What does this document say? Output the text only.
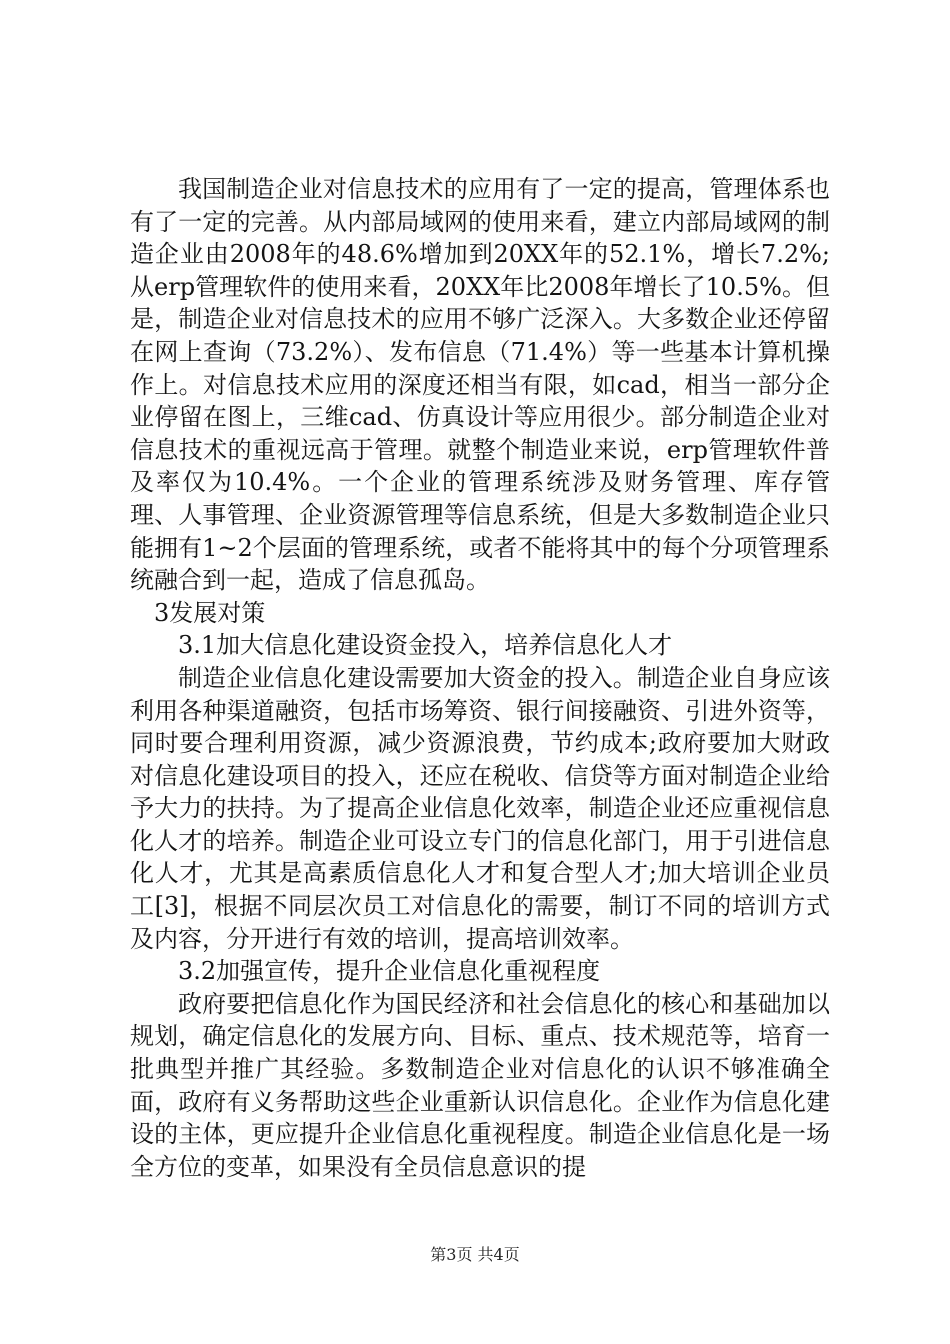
我国制造企业对信息技术的应用有了一定的提高，管理体系也有了一定的完善。从内部局域网的使用来看，建立内部局域网的制造企业由2008年的48.6%增加到20XX年的52.1%，增长7.2%;从erp管理软件的使用来看，20XX年比2008年增长了10.5%。但是，制造企业对信息技术的应用不够广泛深入。大多数企业还停留在网上查询（73.2%）、发布信息（71.4%）等一些基本计算机操作上。对信息技术应用的深度还相当有限，如cad，相当一部分企业停留在图上，三维cad、仿真设计等应用很少。部分制造企业对信息技术的重视远高于管理。就整个制造业来说，erp管理软件普及率仅为10.4%。一个企业的管理系统涉及财务管理、库存管理、人事管理、企业资源管理等信息系统，但是大多数制造企业只能拥有1~2个层面的管理系统，或者不能将其中的每个分项管理系统融合到一起，造成了信息孤岛。

3发展对策

3.1加大信息化建设资金投入，培养信息化人才

制造企业信息化建设需要加大资金的投入。制造企业自身应该利用各种渠道融资，包括市场筹资、银行间接融资、引进外资等，同时要合理利用资源，减少资源浪费，节约成本;政府要加大财政对信息化建设项目的投入，还应在税收、信贷等方面对制造企业给予大力的扶持。为了提高企业信息化效率，制造企业还应重视信息化人才的培养。制造企业可设立专门的信息化部门，用于引进信息化人才，尤其是高素质信息化人才和复合型人才;加大培训企业员工[3]，根据不同层次员工对信息化的需要，制订不同的培训方式及内容，分开进行有效的培训，提高培训效率。

3.2加强宣传，提升企业信息化重视程度

政府要把信息化作为国民经济和社会信息化的核心和基础加以规划，确定信息化的发展方向、目标、重点、技术规范等，培育一批典型并推广其经验。多数制造企业对信息化的认识不够准确全面，政府有义务帮助这些企业重新认识信息化。企业作为信息化建设的主体，更应提升企业信息化重视程度。制造企业信息化是一场全方位的变革，如果没有全员信息意识的提

第3页 共4页
